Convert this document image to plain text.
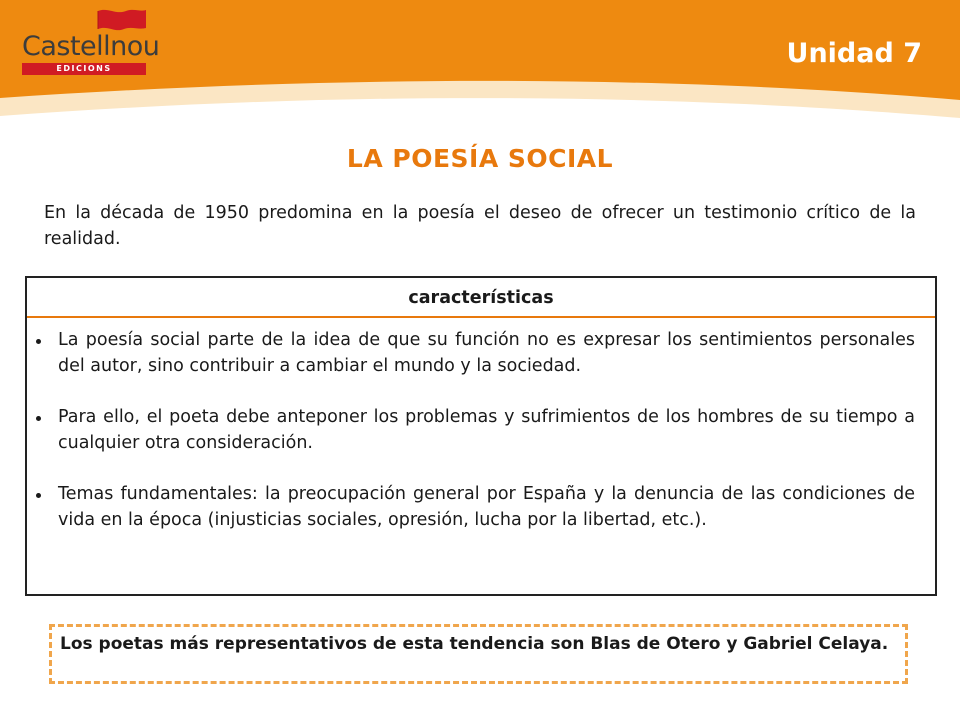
Castellnou
EDICIONS	Unidad 7
LA POESÍA SOCIAL
En la década de 1950 predomina en la poesía el deseo de ofrecer un testimonio crítico de la realidad.
características
La poesía social parte de la idea de que su función no es expresar los sentimientos personales del autor, sino contribuir a cambiar el mundo y la sociedad.
Para ello, el poeta debe anteponer los problemas y sufrimientos de los hombres de su tiempo a cualquier otra consideración.
Temas fundamentales: la preocupación general por España y la denuncia de las condiciones de vida en la época (injusticias sociales, opresión, lucha por la libertad, etc.).
Los poetas más representativos de esta tendencia son Blas de Otero y Gabriel Celaya.
